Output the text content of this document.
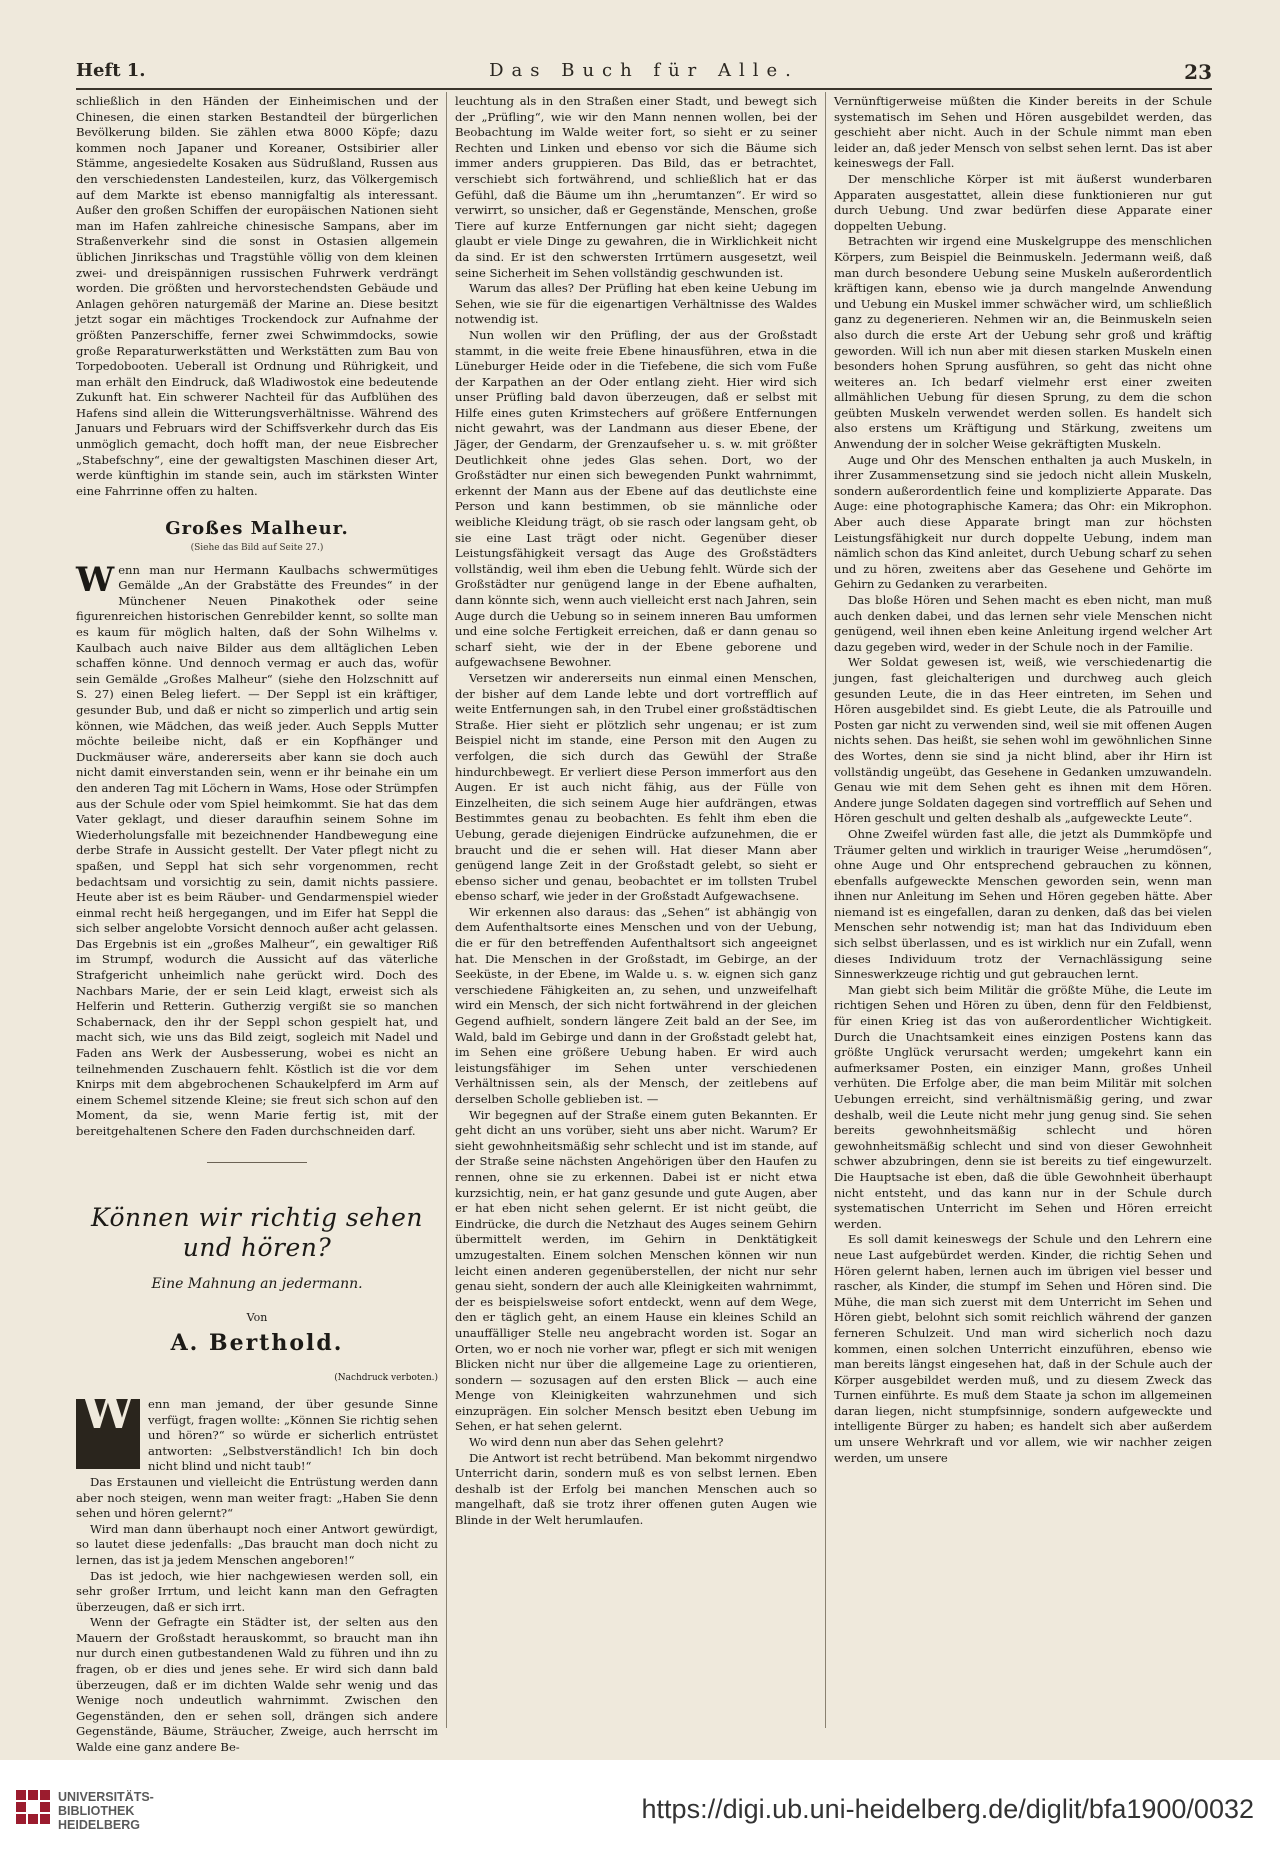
Heft 1.	Das Buch für Alle.	23

schließlich in den Händen der Einheimischen und der Chinesen, die einen starken Bestandteil der bürgerlichen Bevölkerung bilden. Sie zählen etwa 8000 Köpfe; dazu kommen noch Japaner und Koreaner, Ostsibirier aller Stämme, angesiedelte Kosaken aus Südrußland, Russen aus den verschiedensten Landesteilen, kurz, das Völkergemisch auf dem Markte ist ebenso mannigfaltig als interessant. Außer den großen Schiffen der europäischen Nationen sieht man im Hafen zahlreiche chinesische Sampans, aber im Straßenverkehr sind die sonst in Ostasien allgemein üblichen Jinrikschas und Tragstühle völlig von dem kleinen zwei- und dreispännigen russischen Fuhrwerk verdrängt worden. Die größten und hervorstechendsten Gebäude und Anlagen gehören naturgemäß der Marine an. Diese besitzt jetzt sogar ein mächtiges Trockendock zur Aufnahme der größten Panzerschiffe, ferner zwei Schwimmdocks, sowie große Reparaturwerkstätten und Werkstätten zum Bau von Torpedobooten. Ueberall ist Ordnung und Rührigkeit, und man erhält den Eindruck, daß Wladiwostok eine bedeutende Zukunft hat. Ein schwerer Nachteil für das Aufblühen des Hafens sind allein die Witterungsverhältnisse. Während des Januars und Februars wird der Schiffsverkehr durch das Eis unmöglich gemacht, doch hofft man, der neue Eisbrecher „Stabefschny“, eine der gewaltigsten Maschinen dieser Art, werde künftighin im stande sein, auch im stärksten Winter eine Fahrrinne offen zu halten.

Großes Malheur.
(Siehe das Bild auf Seite 27.)

Wenn man nur Hermann Kaulbachs schwermütiges Gemälde „An der Grabstätte des Freundes“ in der Münchener Neuen Pinakothek oder seine figurenreichen historischen Genrebilder kennt, so sollte man es kaum für möglich halten, daß der Sohn Wilhelms v. Kaulbach auch naive Bilder aus dem alltäglichen Leben schaffen könne. Und dennoch vermag er auch das, wofür sein Gemälde „Großes Malheur“ (siehe den Holzschnitt auf S. 27) einen Beleg liefert. — Der Seppl ist ein kräftiger, gesunder Bub, und daß er nicht so zimperlich und artig sein können, wie Mädchen, das weiß jeder. Auch Seppls Mutter möchte beileibe nicht, daß er ein Kopfhänger und Duckmäuser wäre, andererseits aber kann sie doch auch nicht damit einverstanden sein, wenn er ihr beinahe ein um den anderen Tag mit Löchern in Wams, Hose oder Strümpfen aus der Schule oder vom Spiel heimkommt. Sie hat das dem Vater geklagt, und dieser daraufhin seinem Sohne im Wiederholungsfalle mit bezeichnender Handbewegung eine derbe Strafe in Aussicht gestellt. Der Vater pflegt nicht zu spaßen, und Seppl hat sich sehr vorgenommen, recht bedachtsam und vorsichtig zu sein, damit nichts passiere. Heute aber ist es beim Räuber- und Gendarmenspiel wieder einmal recht heiß hergegangen, und im Eifer hat Seppl die sich selber angelobte Vorsicht dennoch außer acht gelassen. Das Ergebnis ist ein „großes Malheur“, ein gewaltiger Riß im Strumpf, wodurch die Aussicht auf das väterliche Strafgericht unheimlich nahe gerückt wird. Doch des Nachbars Marie, der er sein Leid klagt, erweist sich als Helferin und Retterin. Gutherzig vergißt sie so manchen Schabernack, den ihr der Seppl schon gespielt hat, und macht sich, wie uns das Bild zeigt, sogleich mit Nadel und Faden ans Werk der Ausbesserung, wobei es nicht an teilnehmenden Zuschauern fehlt. Köstlich ist die vor dem Knirps mit dem abgebrochenen Schaukelpferd im Arm auf einem Schemel sitzende Kleine; sie freut sich schon auf den Moment, da sie, wenn Marie fertig ist, mit der bereitgehaltenen Schere den Faden durchschneiden darf.

Können wir richtig sehen und hören?
Eine Mahnung an jedermann.
Von
A. Berthold.
(Nachdruck verboten.)

W	enn man jemand, der über gesunde Sinne verfügt, fragen wollte: „Können Sie richtig sehen und hören?“ so würde er sicherlich entrüstet antworten: „Selbstverständlich! Ich bin doch nicht blind und nicht taub!“

Das Erstaunen und vielleicht die Entrüstung werden dann aber noch steigen, wenn man weiter fragt: „Haben Sie denn sehen und hören gelernt?“

Wird man dann überhaupt noch einer Antwort gewürdigt, so lautet diese jedenfalls: „Das braucht man doch nicht zu lernen, das ist ja jedem Menschen angeboren!“

Das ist jedoch, wie hier nachgewiesen werden soll, ein sehr großer Irrtum, und leicht kann man den Gefragten überzeugen, daß er sich irrt.

Wenn der Gefragte ein Städter ist, der selten aus den Mauern der Großstadt herauskommt, so braucht man ihn nur durch einen gutbestandenen Wald zu führen und ihn zu fragen, ob er dies und jenes sehe. Er wird sich dann bald überzeugen, daß er im dichten Walde sehr wenig und das Wenige noch undeutlich wahrnimmt. Zwischen den Gegenständen, den er sehen soll, drängen sich andere Gegenstände, Bäume, Sträucher, Zweige, auch herrscht im Walde eine ganz andere Be-

leuchtung als in den Straßen einer Stadt, und bewegt sich der „Prüfling“, wie wir den Mann nennen wollen, bei der Beobachtung im Walde weiter fort, so sieht er zu seiner Rechten und Linken und ebenso vor sich die Bäume sich immer anders gruppieren. Das Bild, das er betrachtet, verschiebt sich fortwährend, und schließlich hat er das Gefühl, daß die Bäume um ihn „herumtanzen“. Er wird so verwirrt, so unsicher, daß er Gegenstände, Menschen, große Tiere auf kurze Entfernungen gar nicht sieht; dagegen glaubt er viele Dinge zu gewahren, die in Wirklichkeit nicht da sind. Er ist den schwersten Irrtümern ausgesetzt, weil seine Sicherheit im Sehen vollständig geschwunden ist.

Warum das alles? Der Prüfling hat eben keine Uebung im Sehen, wie sie für die eigenartigen Verhältnisse des Waldes notwendig ist.

Nun wollen wir den Prüfling, der aus der Großstadt stammt, in die weite freie Ebene hinausführen, etwa in die Lüneburger Heide oder in die Tiefebene, die sich vom Fuße der Karpathen an der Oder entlang zieht. Hier wird sich unser Prüfling bald davon überzeugen, daß er selbst mit Hilfe eines guten Krimstechers auf größere Entfernungen nicht gewahrt, was der Landmann aus dieser Ebene, der Jäger, der Gendarm, der Grenzaufseher u. s. w. mit größter Deutlichkeit ohne jedes Glas sehen. Dort, wo der Großstädter nur einen sich bewegenden Punkt wahrnimmt, erkennt der Mann aus der Ebene auf das deutlichste eine Person und kann bestimmen, ob sie männliche oder weibliche Kleidung trägt, ob sie rasch oder langsam geht, ob sie eine Last trägt oder nicht. Gegenüber dieser Leistungsfähigkeit versagt das Auge des Großstädters vollständig, weil ihm eben die Uebung fehlt. Würde sich der Großstädter nur genügend lange in der Ebene aufhalten, dann könnte sich, wenn auch vielleicht erst nach Jahren, sein Auge durch die Uebung so in seinem inneren Bau umformen und eine solche Fertigkeit erreichen, daß er dann genau so scharf sieht, wie der in der Ebene geborene und aufgewachsene Bewohner.

Versetzen wir andererseits nun einmal einen Menschen, der bisher auf dem Lande lebte und dort vortrefflich auf weite Entfernungen sah, in den Trubel einer großstädtischen Straße. Hier sieht er plötzlich sehr ungenau; er ist zum Beispiel nicht im stande, eine Person mit den Augen zu verfolgen, die sich durch das Gewühl der Straße hindurchbewegt. Er verliert diese Person immerfort aus den Augen. Er ist auch nicht fähig, aus der Fülle von Einzelheiten, die sich seinem Auge hier aufdrängen, etwas Bestimmtes genau zu beobachten. Es fehlt ihm eben die Uebung, gerade diejenigen Eindrücke aufzunehmen, die er braucht und die er sehen will. Hat dieser Mann aber genügend lange Zeit in der Großstadt gelebt, so sieht er ebenso sicher und genau, beobachtet er im tollsten Trubel ebenso scharf, wie jeder in der Großstadt Aufgewachsene.

Wir erkennen also daraus: das „Sehen“ ist abhängig von dem Aufenthaltsorte eines Menschen und von der Uebung, die er für den betreffenden Aufenthaltsort sich angeeignet hat. Die Menschen in der Großstadt, im Gebirge, an der Seeküste, in der Ebene, im Walde u. s. w. eignen sich ganz verschiedene Fähigkeiten an, zu sehen, und unzweifelhaft wird ein Mensch, der sich nicht fortwährend in der gleichen Gegend aufhielt, sondern längere Zeit bald an der See, im Wald, bald im Gebirge und dann in der Großstadt gelebt hat, im Sehen eine größere Uebung haben. Er wird auch leistungsfähiger im Sehen unter verschiedenen Verhältnissen sein, als der Mensch, der zeitlebens auf derselben Scholle geblieben ist. —

Wir begegnen auf der Straße einem guten Bekannten. Er geht dicht an uns vorüber, sieht uns aber nicht. Warum? Er sieht gewohnheitsmäßig sehr schlecht und ist im stande, auf der Straße seine nächsten Angehörigen über den Haufen zu rennen, ohne sie zu erkennen. Dabei ist er nicht etwa kurzsichtig, nein, er hat ganz gesunde und gute Augen, aber er hat eben nicht sehen gelernt. Er ist nicht geübt, die Eindrücke, die durch die Netzhaut des Auges seinem Gehirn übermittelt werden, im Gehirn in Denktätigkeit umzugestalten. Einem solchen Menschen können wir nun leicht einen anderen gegenüberstellen, der nicht nur sehr genau sieht, sondern der auch alle Kleinigkeiten wahrnimmt, der es beispielsweise sofort entdeckt, wenn auf dem Wege, den er täglich geht, an einem Hause ein kleines Schild an unauffälliger Stelle neu angebracht worden ist. Sogar an Orten, wo er noch nie vorher war, pflegt er sich mit wenigen Blicken nicht nur über die allgemeine Lage zu orientieren, sondern — sozusagen auf den ersten Blick — auch eine Menge von Kleinigkeiten wahrzunehmen und sich einzuprägen. Ein solcher Mensch besitzt eben Uebung im Sehen, er hat sehen gelernt.

Wo wird denn nun aber das Sehen gelehrt?

Die Antwort ist recht betrübend. Man bekommt nirgendwo Unterricht darin, sondern muß es von selbst lernen. Eben deshalb ist der Erfolg bei manchen Menschen auch so mangelhaft, daß sie trotz ihrer offenen guten Augen wie Blinde in der Welt herumlaufen.

Vernünftigerweise müßten die Kinder bereits in der Schule systematisch im Sehen und Hören ausgebildet werden, das geschieht aber nicht. Auch in der Schule nimmt man eben leider an, daß jeder Mensch von selbst sehen lernt. Das ist aber keineswegs der Fall.

Der menschliche Körper ist mit äußerst wunderbaren Apparaten ausgestattet, allein diese funktionieren nur gut durch Uebung. Und zwar bedürfen diese Apparate einer doppelten Uebung.

Betrachten wir irgend eine Muskelgruppe des menschlichen Körpers, zum Beispiel die Beinmuskeln. Jedermann weiß, daß man durch besondere Uebung seine Muskeln außerordentlich kräftigen kann, ebenso wie ja durch mangelnde Anwendung und Uebung ein Muskel immer schwächer wird, um schließlich ganz zu degenerieren. Nehmen wir an, die Beinmuskeln seien also durch die erste Art der Uebung sehr groß und kräftig geworden. Will ich nun aber mit diesen starken Muskeln einen besonders hohen Sprung ausführen, so geht das nicht ohne weiteres an. Ich bedarf vielmehr erst einer zweiten allmählichen Uebung für diesen Sprung, zu dem die schon geübten Muskeln verwendet werden sollen. Es handelt sich also erstens um Kräftigung und Stärkung, zweitens um Anwendung der in solcher Weise gekräftigten Muskeln.

Auge und Ohr des Menschen enthalten ja auch Muskeln, in ihrer Zusammensetzung sind sie jedoch nicht allein Muskeln, sondern außerordentlich feine und komplizierte Apparate. Das Auge: eine photographische Kamera; das Ohr: ein Mikrophon. Aber auch diese Apparate bringt man zur höchsten Leistungsfähigkeit nur durch doppelte Uebung, indem man nämlich schon das Kind anleitet, durch Uebung scharf zu sehen und zu hören, zweitens aber das Gesehene und Gehörte im Gehirn zu Gedanken zu verarbeiten.

Das bloße Hören und Sehen macht es eben nicht, man muß auch denken dabei, und das lernen sehr viele Menschen nicht genügend, weil ihnen eben keine Anleitung irgend welcher Art dazu gegeben wird, weder in der Schule noch in der Familie.

Wer Soldat gewesen ist, weiß, wie verschiedenartig die jungen, fast gleichalterigen und durchweg auch gleich gesunden Leute, die in das Heer eintreten, im Sehen und Hören ausgebildet sind. Es giebt Leute, die als Patrouille und Posten gar nicht zu verwenden sind, weil sie mit offenen Augen nichts sehen. Das heißt, sie sehen wohl im gewöhnlichen Sinne des Wortes, denn sie sind ja nicht blind, aber ihr Hirn ist vollständig ungeübt, das Gesehene in Gedanken umzuwandeln. Genau wie mit dem Sehen geht es ihnen mit dem Hören. Andere junge Soldaten dagegen sind vortrefflich auf Sehen und Hören geschult und gelten deshalb als „aufgeweckte Leute“.

Ohne Zweifel würden fast alle, die jetzt als Dummköpfe und Träumer gelten und wirklich in trauriger Weise „herumdösen“, ohne Auge und Ohr entsprechend gebrauchen zu können, ebenfalls aufgeweckte Menschen geworden sein, wenn man ihnen nur Anleitung im Sehen und Hören gegeben hätte. Aber niemand ist es eingefallen, daran zu denken, daß das bei vielen Menschen sehr notwendig ist; man hat das Individuum eben sich selbst überlassen, und es ist wirklich nur ein Zufall, wenn dieses Individuum trotz der Vernachlässigung seine Sinneswerkzeuge richtig und gut gebrauchen lernt.

Man giebt sich beim Militär die größte Mühe, die Leute im richtigen Sehen und Hören zu üben, denn für den Feldbienst, für einen Krieg ist das von außerordentlicher Wichtigkeit. Durch die Unachtsamkeit eines einzigen Postens kann das größte Unglück verursacht werden; umgekehrt kann ein aufmerksamer Posten, ein einziger Mann, großes Unheil verhüten. Die Erfolge aber, die man beim Militär mit solchen Uebungen erreicht, sind verhältnismäßig gering, und zwar deshalb, weil die Leute nicht mehr jung genug sind. Sie sehen bereits gewohnheitsmäßig schlecht und hören gewohnheitsmäßig schlecht und sind von dieser Gewohnheit schwer abzubringen, denn sie ist bereits zu tief eingewurzelt. Die Hauptsache ist eben, daß die üble Gewohnheit überhaupt nicht entsteht, und das kann nur in der Schule durch systematischen Unterricht im Sehen und Hören erreicht werden.

Es soll damit keineswegs der Schule und den Lehrern eine neue Last aufgebürdet werden. Kinder, die richtig Sehen und Hören gelernt haben, lernen auch im übrigen viel besser und rascher, als Kinder, die stumpf im Sehen und Hören sind. Die Mühe, die man sich zuerst mit dem Unterricht im Sehen und Hören giebt, belohnt sich somit reichlich während der ganzen ferneren Schulzeit. Und man wird sicherlich noch dazu kommen, einen solchen Unterricht einzuführen, ebenso wie man bereits längst eingesehen hat, daß in der Schule auch der Körper ausgebildet werden muß, und zu diesem Zweck das Turnen einführte. Es muß dem Staate ja schon im allgemeinen daran liegen, nicht stumpfsinnige, sondern aufgeweckte und intelligente Bürger zu haben; es handelt sich aber außerdem um unsere Wehrkraft und vor allem, wie wir nachher zeigen werden, um unsere

UNIVERSITÄTS-
BIBLIOTHEK
HEIDELBERG
https://digi.ub.uni-heidelberg.de/diglit/bfa1900/0032
